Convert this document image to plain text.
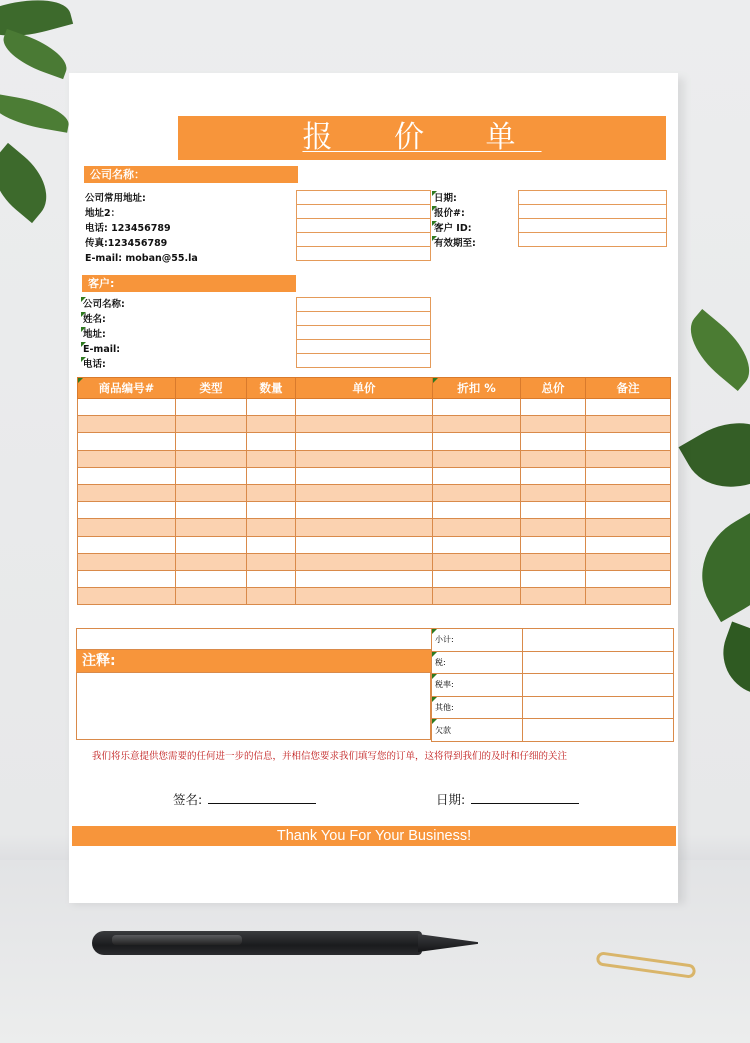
报 价 单
公司名称：
公司常用地址:
地址2：
电话: 123456789
传真:123456789
E-mail: moban@55.la
日期:
报价#:
客户 ID:
有效期至:
客户:
公司名称:
姓名:
地址:
E-mail:
电话:
商品编号#	类型	数量	单价	折扣 %	总价	备注

注释:
小计:	
税:	
税率:	
其他:	
欠款	
我们将乐意提供您需要的任何进一步的信息，并相信您要求我们填写您的订单，这将得到我们的及时和仔细的关注
签名:	日期:
Thank You For Your Business!
